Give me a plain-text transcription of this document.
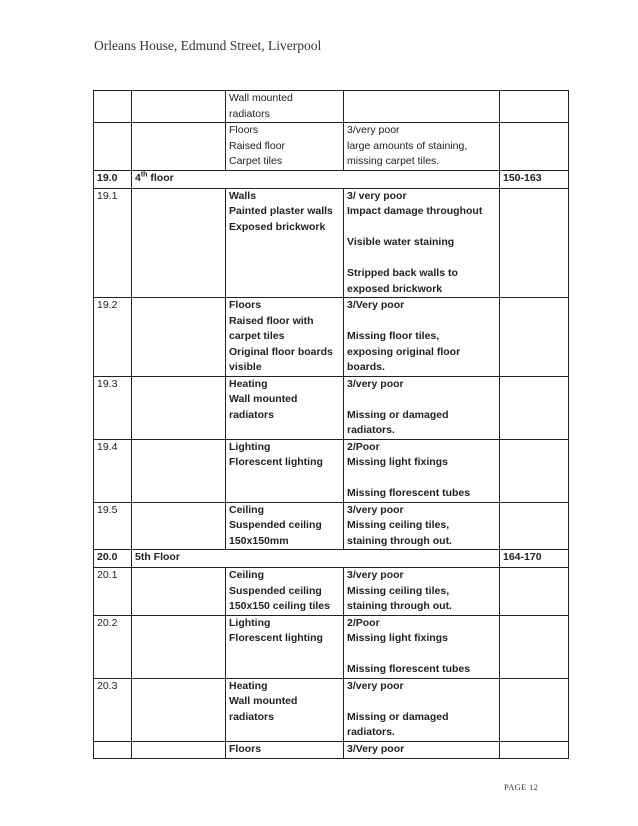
Orleans House, Edmund Street, Liverpool
		Wall mounted
radiators		
		Floors
Raised floor
Carpet tiles	3/very poor
large amounts of staining,
missing carpet tiles.	
19.0	4th floor			150-163
19.1		Walls
Painted plaster walls
Exposed brickwork	3/ very poor
Impact damage throughout

Visible water staining

Stripped back walls to
exposed brickwork	
19.2		Floors
Raised floor with
carpet tiles
Original floor boards
visible	3/Very poor

Missing floor tiles,
exposing original floor
boards.	
19.3		Heating
Wall mounted
radiators	3/very poor

Missing or damaged
radiators.	
19.4		Lighting
Florescent lighting	2/Poor
Missing light fixings

Missing florescent tubes	
19.5		Ceiling
Suspended ceiling
150x150mm	3/very poor
Missing ceiling tiles,
staining through out.	
20.0	5th Floor			164-170
20.1		Ceiling
Suspended ceiling
150x150 ceiling tiles	3/very poor
Missing ceiling tiles,
staining through out.	
20.2		Lighting
Florescent lighting	2/Poor
Missing light fixings

Missing florescent tubes	
20.3		Heating
Wall mounted
radiators	3/very poor

Missing or damaged
radiators.	
		Floors	3/Very poor	
PAGE 12
